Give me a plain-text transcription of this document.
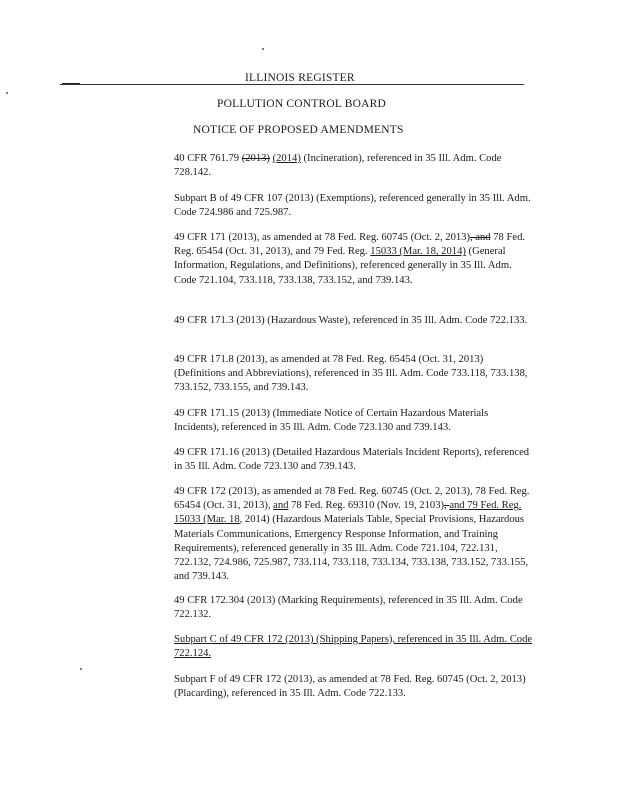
ILLINOIS REGISTER
POLLUTION CONTROL BOARD
NOTICE OF PROPOSED AMENDMENTS

40 CFR 761.79 (2013) (2014) (Incineration), referenced in 35 Ill. Adm. Code 728.142.

Subpart B of 49 CFR 107 (2013) (Exemptions), referenced generally in 35 Ill. Adm. Code 724.986 and 725.987.

49 CFR 171 (2013), as amended at 78 Fed. Reg. 60745 (Oct. 2, 2013), and 78 Fed. Reg. 65454 (Oct. 31, 2013), and 79 Fed. Reg. 15033 (Mar. 18, 2014) (General Information, Regulations, and Definitions), referenced generally in 35 Ill. Adm. Code 721.104, 733.118, 733.138, 733.152, and 739.143.

49 CFR 171.3 (2013) (Hazardous Waste), referenced in 35 Ill. Adm. Code 722.133.

49 CFR 171.8 (2013), as amended at 78 Fed. Reg. 65454 (Oct. 31, 2013) (Definitions and Abbreviations), referenced in 35 Ill. Adm. Code 733.118, 733.138, 733.152, 733.155, and 739.143.

49 CFR 171.15 (2013) (Immediate Notice of Certain Hazardous Materials Incidents), referenced in 35 Ill. Adm. Code 723.130 and 739.143.

49 CFR 171.16 (2013) (Detailed Hazardous Materials Incident Reports), referenced in 35 Ill. Adm. Code 723.130 and 739.143.

49 CFR 172 (2013), as amended at 78 Fed. Reg. 60745 (Oct. 2, 2013), 78 Fed. Reg. 65454 (Oct. 31, 2013), and 78 Fed. Reg. 69310 (Nov. 19, 2103), and 79 Fed. Reg. 15033 (Mar. 18, 2014) (Hazardous Materials Table, Special Provisions, Hazardous Materials Communications, Emergency Response Information, and Training Requirements), referenced generally in 35 Ill. Adm. Code 721.104, 722.131, 722.132, 724.986, 725.987, 733.114, 733.118, 733.134, 733.138, 733.152, 733.155, and 739.143.

49 CFR 172.304 (2013) (Marking Requirements), referenced in 35 Ill. Adm. Code 722.132.

Subpart C of 49 CFR 172 (2013) (Shipping Papers), referenced in 35 Ill. Adm. Code 722.124.

Subpart F of 49 CFR 172 (2013), as amended at 78 Fed. Reg. 60745 (Oct. 2, 2013) (Placarding), referenced in 35 Ill. Adm. Code 722.133.
